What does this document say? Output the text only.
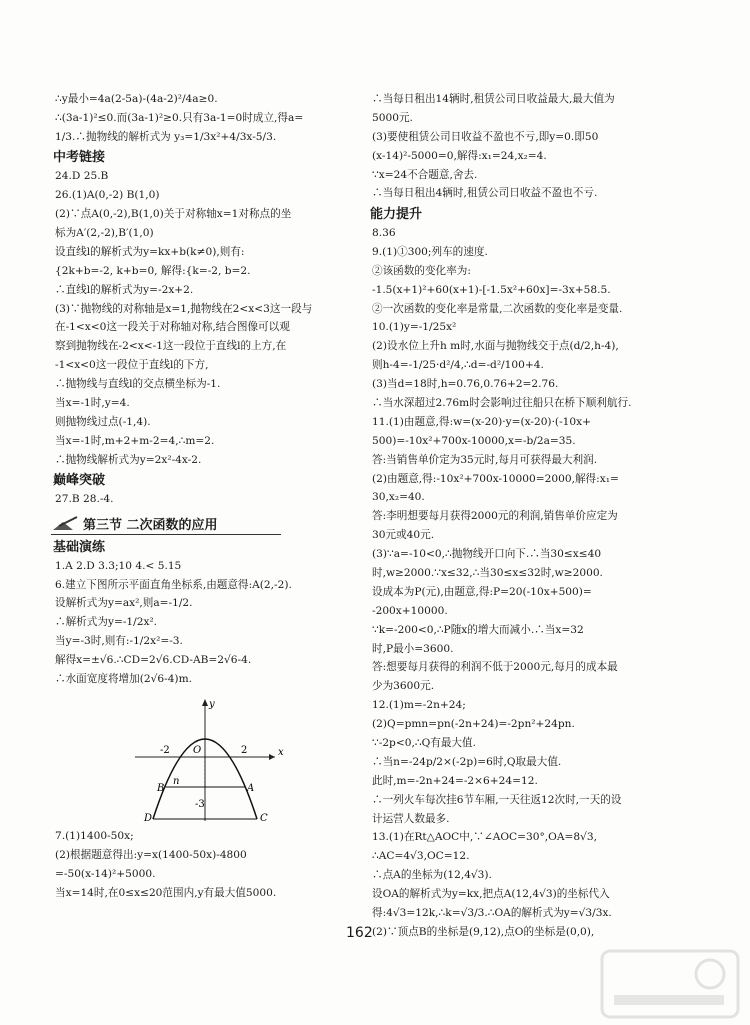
∴y最小=4a(2-5a)-(4a-2)²/4a≥0.
∴(3a-1)²≤0.而(3a-1)²≥0.只有3a-1=0时成立,得a=
1/3.∴抛物线的解析式为 y₃=1/3x²+4/3x-5/3.
中考链接
24.D 25.B
26.(1)A(0,-2) B(1,0)
(2)∵点A(0,-2),B(1,0)关于对称轴x=1对称点的坐
标为A′(2,-2),B′(1,0)
设直线l的解析式为y=kx+b(k≠0),则有:
{2k+b=-2, k+b=0, 解得:{k=-2, b=2.
∴直线l的解析式为y=-2x+2.
(3)∵抛物线的对称轴是x=1,抛物线在2<x<3这一段与
在-1<x<0这一段关于对称轴对称,结合图像可以观
察到抛物线在-2<x<-1这一段位于直线l的上方,在
-1<x<0这一段位于直线l的下方,
∴抛物线与直线l的交点横坐标为-1.
当x=-1时,y=4.
则抛物线过点(-1,4).
当x=-1时,m+2+m-2=4,∴m=2.
∴抛物线解析式为y=2x²-4x-2.
巅峰突破
27.B 28.-4.
第三节 二次函数的应用
基础演练
1.A 2.D 3.3;10 4.< 5.15
6.建立下图所示平面直角坐标系,由题意得:A(2,-2).
设解析式为y=ax²,则a=-1/2.
∴解析式为y=-1/2x².
当y=-3时,则有:-1/2x²=-3.
解得x=±√6.∴CD=2√6.CD-AB=2√6-4.
∴水面宽度将增加(2√6-4)m.
x
y
O
-2	2
-3
B	A
D	C
n
7.(1)1400-50x;
(2)根据题意得出:y=x(1400-50x)-4800
=-50(x-14)²+5000.
当x=14时,在0≤x≤20范围内,y有最大值5000.
∴当每日租出14辆时,租赁公司日收益最大,最大值为
5000元.
(3)要使租赁公司日收益不盈也不亏,即y=0.即50
(x-14)²-5000=0,解得:x₁=24,x₂=4.
∵x=24不合题意,舍去.
∴当每日租出4辆时,租赁公司日收益不盈也不亏.
能力提升
8.36
9.(1)①300;列车的速度.
②该函数的变化率为:
-1.5(x+1)²+60(x+1)-[-1.5x²+60x]=-3x+58.5.
②一次函数的变化率是常量,二次函数的变化率是变量.
10.(1)y=-1/25x²
(2)设水位上升h m时,水面与抛物线交于点(d/2,h-4),
则h-4=-1/25·d²/4,∴d=-d²/100+4.
(3)当d=18时,h=0.76,0.76+2=2.76.
∴当水深超过2.76m时会影响过往船只在桥下顺利航行.
11.(1)由题意,得:w=(x-20)·y=(x-20)·(-10x+
500)=-10x²+700x-10000,x=-b/2a=35.
答:当销售单价定为35元时,每月可获得最大利润.
(2)由题意,得:-10x²+700x-10000=2000,解得:x₁=
30,x₂=40.
答:李明想要每月获得2000元的利润,销售单价应定为
30元或40元.
(3)∵a=-10<0,∴抛物线开口向下.∴当30≤x≤40
时,w≥2000.∵x≤32,∴当30≤x≤32时,w≥2000.
设成本为P(元),由题意,得:P=20(-10x+500)=
-200x+10000.
∵k=-200<0,∴P随x的增大而减小.∴当x=32
时,P最小=3600.
答:想要每月获得的利润不低于2000元,每月的成本最
少为3600元.
12.(1)m=-2n+24;
(2)Q=pmn=pn(-2n+24)=-2pn²+24pn.
∵-2p<0,∴Q有最大值.
∴当n=-24p/2×(-2p)=6时,Q取最大值.
此时,m=-2n+24=-2×6+24=12.
∴一列火车每次挂6节车厢,一天往返12次时,一天的设
计运营人数最多.
13.(1)在Rt△AOC中,∵∠AOC=30°,OA=8√3,
∴AC=4√3,OC=12.
∴点A的坐标为(12,4√3).
设OA的解析式为y=kx,把点A(12,4√3)的坐标代入
得:4√3=12k,∴k=√3/3.∴OA的解析式为y=√3/3x.
(2)∵顶点B的坐标是(9,12),点O的坐标是(0,0),
162
